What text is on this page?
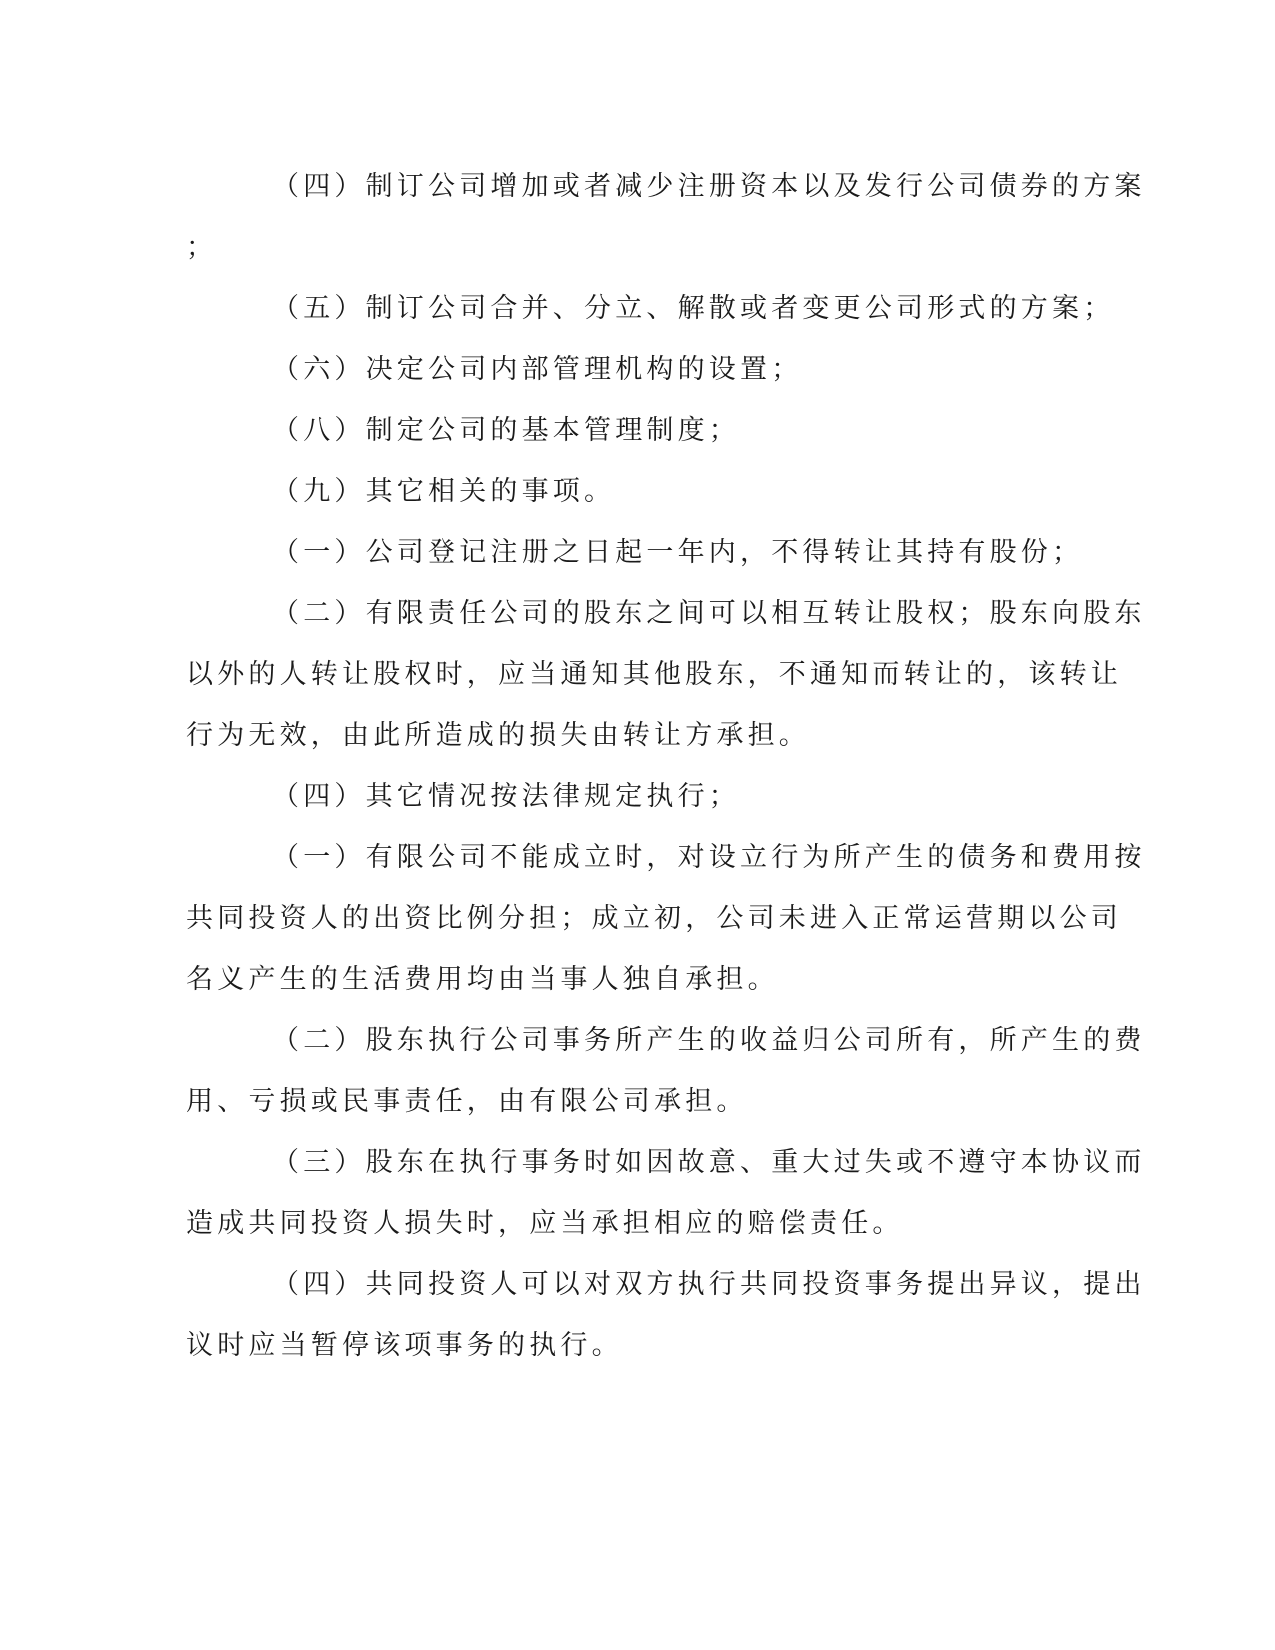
（四）制订公司增加或者减少注册资本以及发行公司债券的方案
；
（五）制订公司合并、分立、解散或者变更公司形式的方案；
（六）决定公司内部管理机构的设置；
（八）制定公司的基本管理制度；
（九）其它相关的事项。
（一）公司登记注册之日起一年内，不得转让其持有股份；
（二）有限责任公司的股东之间可以相互转让股权；股东向股东
以外的人转让股权时，应当通知其他股东，不通知而转让的，该转让
行为无效，由此所造成的损失由转让方承担。
（四）其它情况按法律规定执行；
（一）有限公司不能成立时，对设立行为所产生的债务和费用按
共同投资人的出资比例分担；成立初，公司未进入正常运营期以公司
名义产生的生活费用均由当事人独自承担。
（二）股东执行公司事务所产生的收益归公司所有，所产生的费
用、亏损或民事责任，由有限公司承担。
（三）股东在执行事务时如因故意、重大过失或不遵守本协议而
造成共同投资人损失时，应当承担相应的赔偿责任。
（四）共同投资人可以对双方执行共同投资事务提出异议，提出
议时应当暂停该项事务的执行。
